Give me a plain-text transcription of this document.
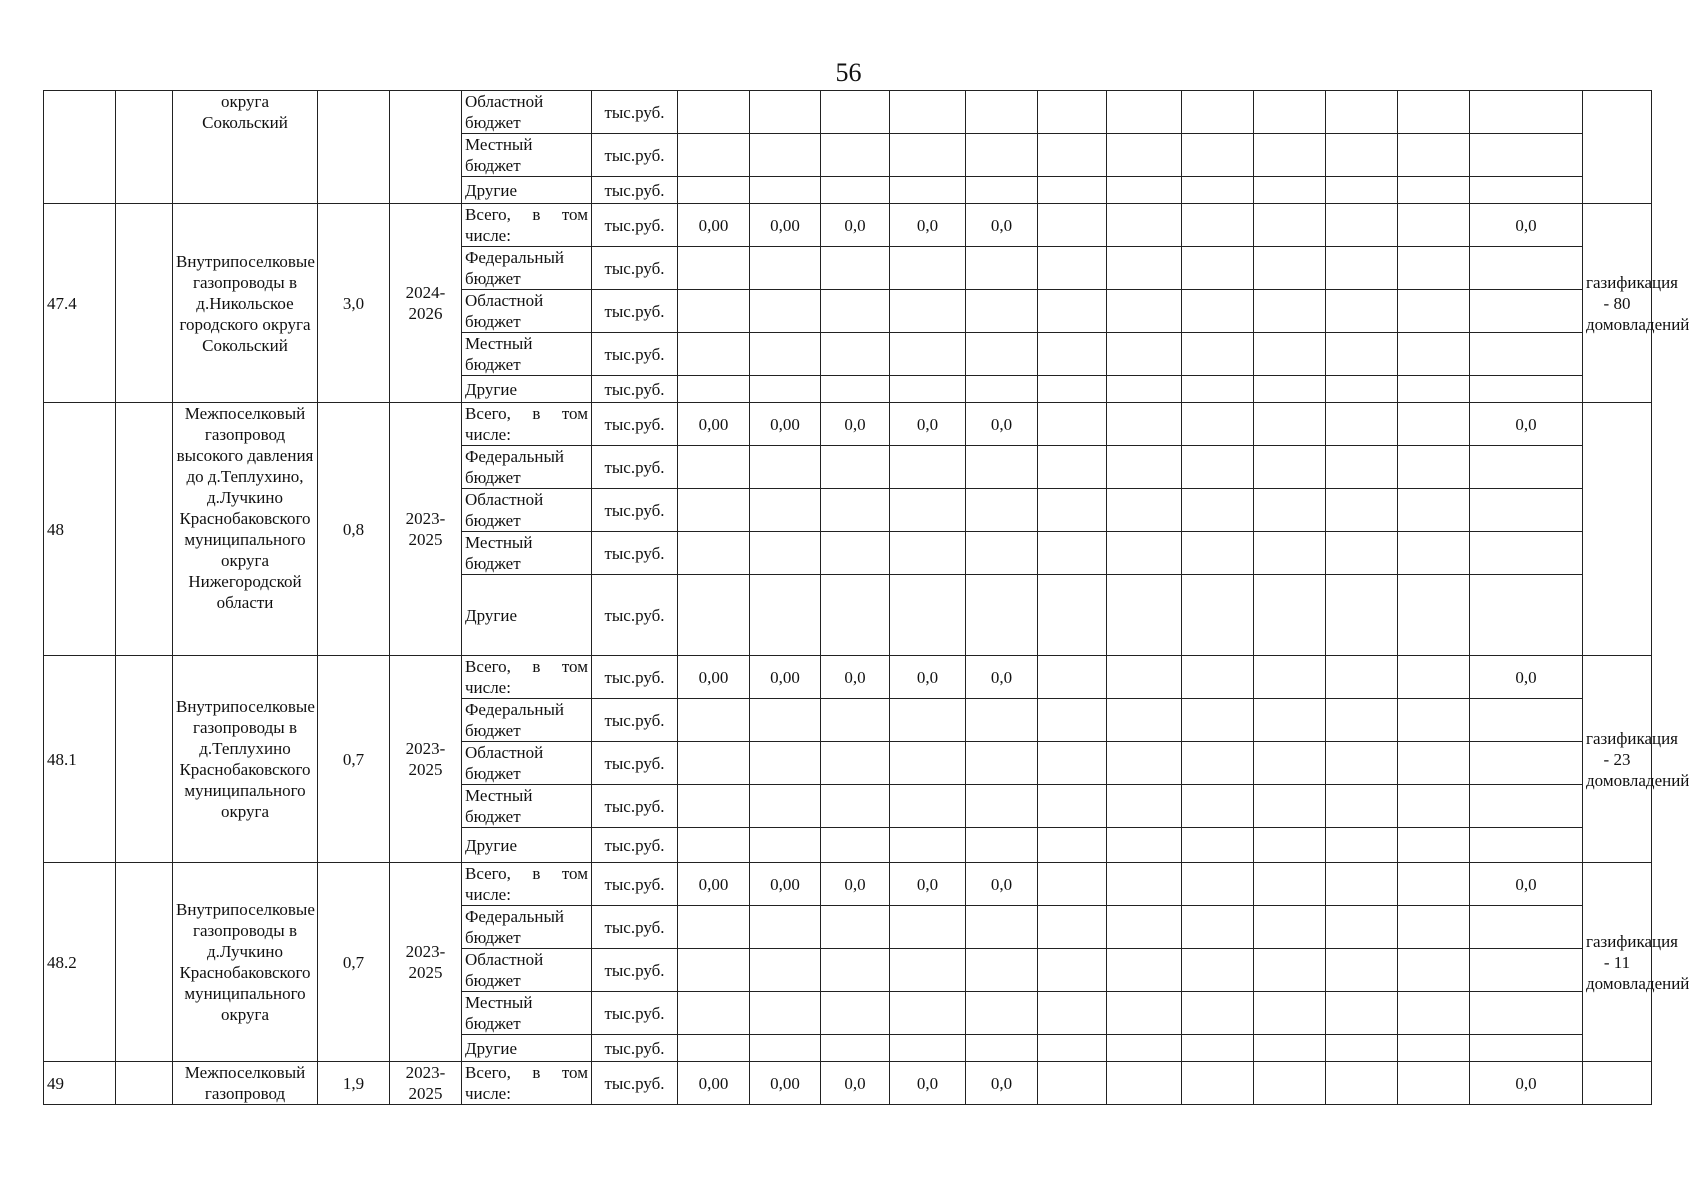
56
		округа Сокольский			Областной бюджет	тыс.руб.													
					Местный бюджет	тыс.руб.													
					Другие	тыс.руб.													
47.4		Внутрипоселковые газопроводы в д.Никольское городского округа Сокольский	3,0	2024-2026	Всего, в том числе:	тыс.руб.	0,00	0,00	0,0	0,0	0,0							0,0	газификация - 80 домовладений
					Федеральный бюджет	тыс.руб.													
					Областной бюджет	тыс.руб.													
					Местный бюджет	тыс.руб.													
					Другие	тыс.руб.													
48		Межпоселковый газопровод высокого давления до д.Теплухино, д.Лучкино Краснобаковского муниципального округа Нижегородской области	0,8	2023-2025	Всего, в том числе:	тыс.руб.	0,00	0,00	0,0	0,0	0,0							0,0	
					Федеральный бюджет	тыс.руб.													
					Областной бюджет	тыс.руб.													
					Местный бюджет	тыс.руб.													
					Другие	тыс.руб.													
48.1		Внутрипоселковые газопроводы в д.Теплухино Краснобаковского муниципального округа	0,7	2023-2025	Всего, в том числе:	тыс.руб.	0,00	0,00	0,0	0,0	0,0							0,0	газификация - 23 домовладений
					Федеральный бюджет	тыс.руб.													
					Областной бюджет	тыс.руб.													
					Местный бюджет	тыс.руб.													
					Другие	тыс.руб.													
48.2		Внутрипоселковые газопроводы в д.Лучкино Краснобаковского муниципального округа	0,7	2023-2025	Всего, в том числе:	тыс.руб.	0,00	0,00	0,0	0,0	0,0							0,0	газификация - 11 домовладений
					Федеральный бюджет	тыс.руб.													
					Областной бюджет	тыс.руб.													
					Местный бюджет	тыс.руб.													
					Другие	тыс.руб.													
49		Межпоселковый газопровод	1,9	2023-2025	Всего, в том числе:	тыс.руб.	0,00	0,00	0,0	0,0	0,0							0,0	
